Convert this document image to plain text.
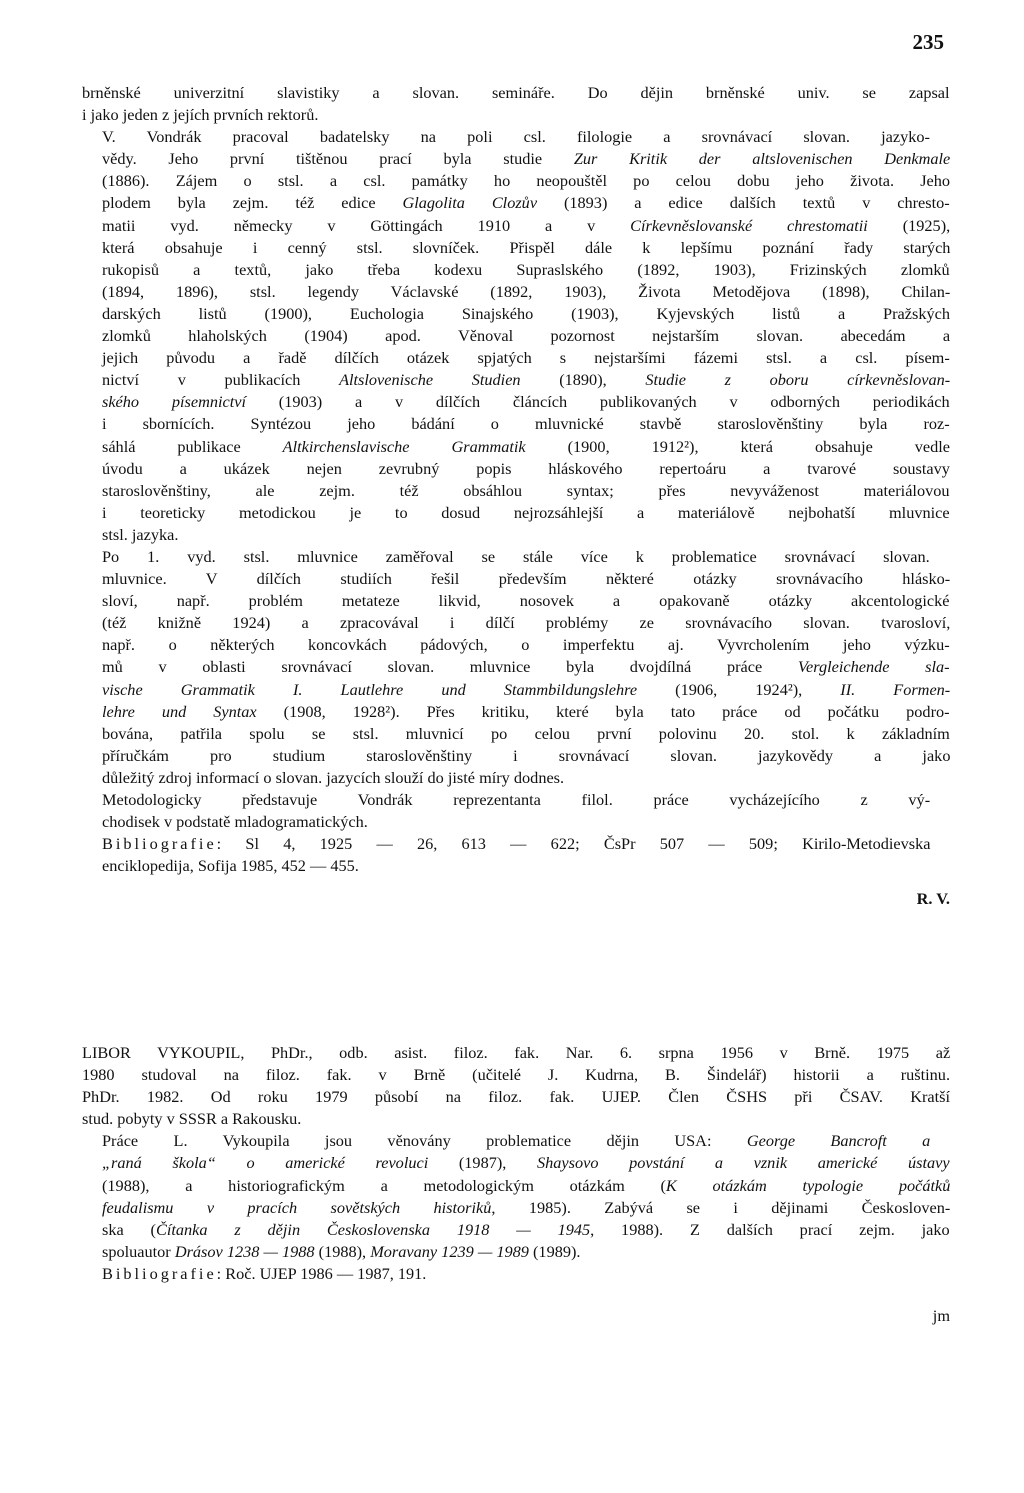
235

brněnské univerzitní slavistiky a slovan. semináře. Do dějin brněnské univ. se zapsal
i jako jeden z jejích prvních rektorů.

V. Vondrák pracoval badatelsky na poli csl. filologie a srovnávací slovan. jazyko-
vědy. Jeho první tištěnou prací byla studie Zur Kritik der altslovenischen Denkmale
(1886). Zájem o stsl. a csl. památky ho neopouštěl po celou dobu jeho života. Jeho
plodem byla zejm. též edice Glagolita Clozův (1893) a edice dalších textů v chresto-
matii vyd. německy v Göttingách 1910 a v Církevněslovanské chrestomatii (1925),
která obsahuje i cenný stsl. slovníček. Přispěl dále k lepšímu poznání řady starých
rukopisů a textů, jako třeba kodexu Supraslského (1892, 1903), Frizinských zlomků
(1894, 1896), stsl. legendy Václavské (1892, 1903), Života Metodějova (1898), Chilan-
darských listů (1900), Euchologia Sinajského (1903), Kyjevských listů a Pražských
zlomků hlaholských (1904) apod. Věnoval pozornost nejstarším slovan. abecedám a
jejich původu a řadě dílčích otázek spjatých s nejstaršími fázemi stsl. a csl. písem-
nictví v publikacích Altslovenische Studien (1890), Studie z oboru církevněslovan-
ského písemnictví (1903) a v dílčích článcích publikovaných v odborných periodikách
i sbornících. Syntézou jeho bádání o mluvnické stavbě staroslověnštiny byla roz-
sáhlá publikace Altkirchenslavische Grammatik (1900, 1912²), která obsahuje vedle
úvodu a ukázek nejen zevrubný popis hláskového repertoáru a tvarové soustavy
staroslověnštiny, ale zejm. též obsáhlou syntax; přes nevyváženost materiálovou
i teoreticky metodickou je to dosud nejrozsáhlejší a materiálově nejbohatší mluvnice
stsl. jazyka.

Po 1. vyd. stsl. mluvnice zaměřoval se stále více k problematice srovnávací slovan.
mluvnice. V dílčích studiích řešil především některé otázky srovnávacího hlásko-
sloví, např. problém metateze likvid, nosovek a opakovaně otázky akcentologické
(též knižně 1924) a zpracovával i dílčí problémy ze srovnávacího slovan. tvarosloví,
např. o některých koncovkách pádových, o imperfektu aj. Vyvrcholením jeho výzku-
mů v oblasti srovnávací slovan. mluvnice byla dvojdílná práce Vergleichende sla-
vische Grammatik I. Lautlehre und Stammbildungslehre (1906, 1924²), II. Formen-
lehre und Syntax (1908, 1928²). Přes kritiku, které byla tato práce od počátku podro-
bována, patřila spolu se stsl. mluvnicí po celou první polovinu 20. stol. k základním
příručkám pro studium staroslověnštiny i srovnávací slovan. jazykovědy a jako
důležitý zdroj informací o slovan. jazycích slouží do jisté míry dodnes.

Metodologicky představuje Vondrák reprezentanta filol. práce vycházejícího z vý-
chodisek v podstatě mladogramatických.

Bibliografie: Sl 4, 1925 — 26, 613 — 622; ČsPr 507 — 509; Kirilo-Metodievska
enciklopedija, Sofija 1985, 452 — 455.

R. V.

LIBOR VYKOUPIL, PhDr., odb. asist. filoz. fak. Nar. 6. srpna 1956 v Brně. 1975 až
1980 studoval na filoz. fak. v Brně (učitelé J. Kudrna, B. Šindelář) historii a ruštinu.
PhDr. 1982. Od roku 1979 působí na filoz. fak. UJEP. Člen ČSHS při ČSAV. Kratší
stud. pobyty v SSSR a Rakousku.

Práce L. Vykoupila jsou věnovány problematice dějin USA: George Bancroft a
„raná škola“ o americké revoluci (1987), Shaysovo povstání a vznik americké ústavy
(1988), a historiografickým a metodologickým otázkám (K otázkám typologie počátků
feudalismu v pracích sovětských historiků, 1985). Zabývá se i dějinami Českosloven-
ska (Čítanka z dějin Československa 1918 — 1945, 1988). Z dalších prací zejm. jako
spoluautor Drásov 1238 — 1988 (1988), Moravany 1239 — 1989 (1989).

Bibliografie: Roč. UJEP 1986 — 1987, 191.

jm
